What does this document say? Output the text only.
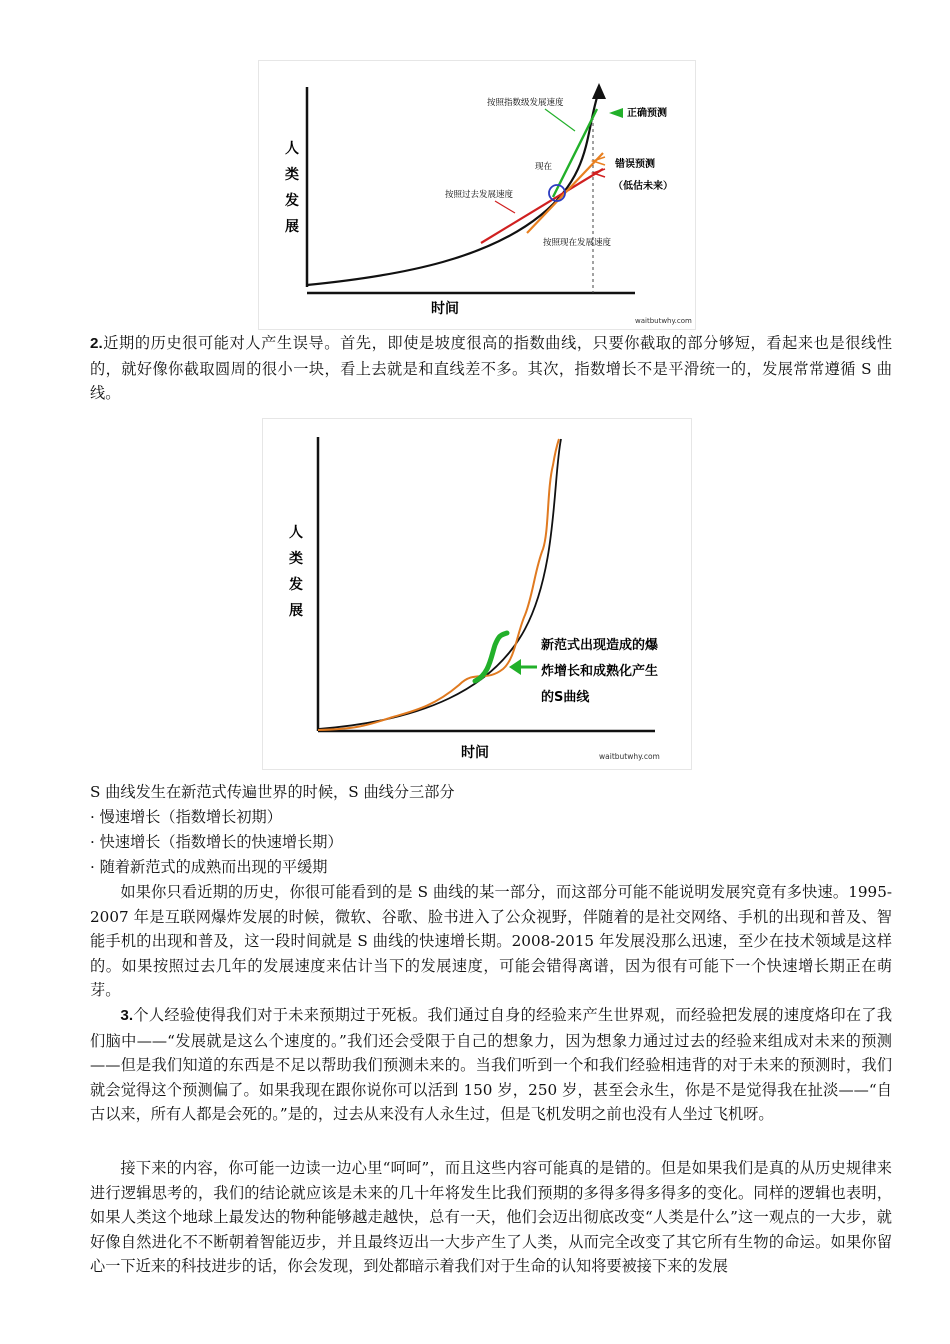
人
类
发
展
时间
按照指数级发展速度
正确预测
现在
按照过去发展速度
错误预测
（低估未来）
按照现在发展速度
waitbutwhy.com
2.近期的历史很可能对人产生误导。首先，即使是坡度很高的指数曲线，只要你截取的部分够短，看起来也是很线性的，就好像你截取圆周的很小一块，看上去就是和直线差不多。其次，指数增长不是平滑统一的，发展常常遵循 S 曲线。
人
类
发
展
时间
新范式出现造成的爆
炸增长和成熟化产生
的S曲线
waitbutwhy.com
S 曲线发生在新范式传遍世界的时候，S 曲线分三部分
· 慢速增长（指数增长初期）
· 快速增长（指数增长的快速增长期）
· 随着新范式的成熟而出现的平缓期
如果你只看近期的历史，你很可能看到的是 S 曲线的某一部分，而这部分可能不能说明发展究竟有多快速。1995-2007 年是互联网爆炸发展的时候，微软、谷歌、脸书进入了公众视野，伴随着的是社交网络、手机的出现和普及、智能手机的出现和普及，这一段时间就是 S 曲线的快速增长期。2008-2015 年发展没那么迅速，至少在技术领域是这样的。如果按照过去几年的发展速度来估计当下的发展速度，可能会错得离谱，因为很有可能下一个快速增长期正在萌芽。
3.个人经验使得我们对于未来预期过于死板。我们通过自身的经验来产生世界观，而经验把发展的速度烙印在了我们脑中——“发展就是这么个速度的。”我们还会受限于自己的想象力，因为想象力通过过去的经验来组成对未来的预测——但是我们知道的东西是不足以帮助我们预测未来的。当我们听到一个和我们经验相违背的对于未来的预测时，我们就会觉得这个预测偏了。如果我现在跟你说你可以活到 150 岁，250 岁，甚至会永生，你是不是觉得我在扯淡——“自古以来，所有人都是会死的。”是的，过去从来没有人永生过，但是飞机发明之前也没有人坐过飞机呀。
接下来的内容，你可能一边读一边心里“呵呵”，而且这些内容可能真的是错的。但是如果我们是真的从历史规律来进行逻辑思考的，我们的结论就应该是未来的几十年将发生比我们预期的多得多得多得多的变化。同样的逻辑也表明，如果人类这个地球上最发达的物种能够越走越快，总有一天，他们会迈出彻底改变“人类是什么”这一观点的一大步，就好像自然进化不不断朝着智能迈步，并且最终迈出一大步产生了人类，从而完全改变了其它所有生物的命运。如果你留心一下近来的科技进步的话，你会发现，到处都暗示着我们对于生命的认知将要被接下来的发展
